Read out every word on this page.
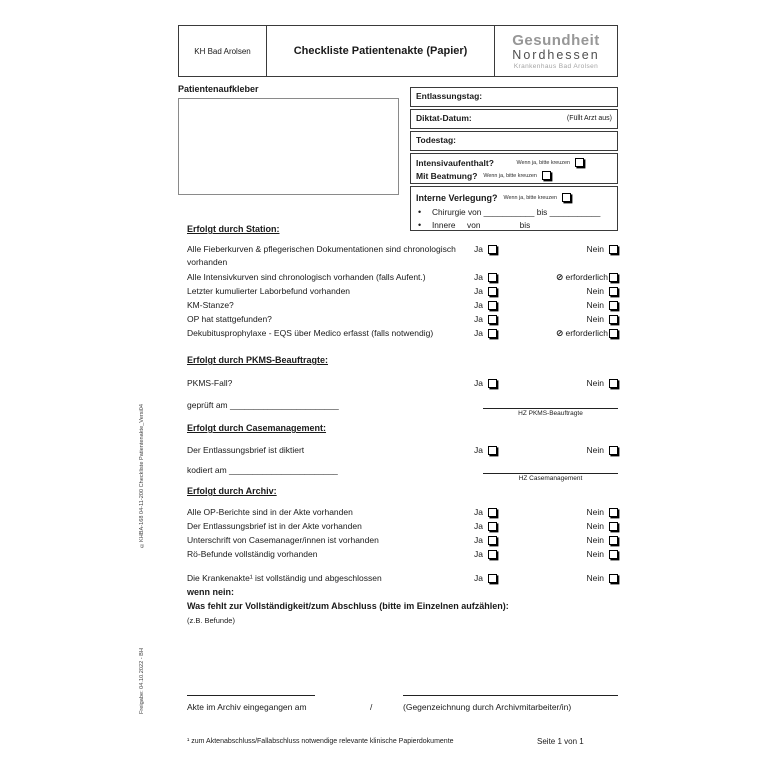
©KHBA-168 04-11-200 Checkliste Patientenakte_Versi04
Freigabe: 04.10.2022 - BH
KH Bad Arolsen	Checkliste Patientenakte (Papier)
Gesundheit
Nordhessen
Krankenhaus Bad Arolsen
Patientenaufkleber
Entlassungstag:
Diktat-Datum:	(Füllt Arzt aus)
Todestag:
Intensivaufenthalt?	Wenn ja, bitte kreuzen
Mit Beatmung? Wenn ja, bitte kreuzen
Interne Verlegung? Wenn ja, bitte kreuzen
•	Chirurgie von ___________ bis ___________
•	Innere     von                 bis
Erfolgt durch Station:
Alle Fieberkurven & pflegerischen Dokumentationen sind chronologisch vorhanden
Ja	Nein
Alle Intensivkurven sind chronologisch vorhanden (falls Aufent.)	Ja	⊘ erforderlich
Letzter kumulierter Laborbefund vorhanden	Ja	Nein
KM-Stanze?	Ja	Nein
OP hat stattgefunden?	Ja	Nein
Dekubitusprophylaxe - EQS über Medico erfasst (falls notwendig)	Ja	⊘ erforderlich
Erfolgt durch PKMS-Beauftragte:
PKMS-Fall?	Ja	Nein
geprüft am _______________________
HZ PKMS-Beauftragte
Erfolgt durch Casemanagement:
Der Entlassungsbrief ist diktiert	Ja	Nein
kodiert am _______________________
HZ Casemanagement
Erfolgt durch Archiv:
Alle OP-Berichte sind in der Akte vorhanden	Ja	Nein
Der Entlassungsbrief ist in der Akte vorhanden	Ja	Nein
Unterschrift von Casemanager/innen ist vorhanden	Ja	Nein
Rö-Befunde vollständig vorhanden	Ja	Nein
Die Krankenakte¹ ist vollständig und abgeschlossen	Ja	Nein
wenn nein:
Was fehlt zur Vollständigkeit/zum Abschluss (bitte im Einzelnen aufzählen):
(z.B. Befunde)
Akte im Archiv eingegangen am	/	(Gegenzeichnung durch Archivmitarbeiter/in)
¹ zum Aktenabschluss/Fallabschluss notwendige relevante klinische Papierdokumente	Seite 1 von 1
